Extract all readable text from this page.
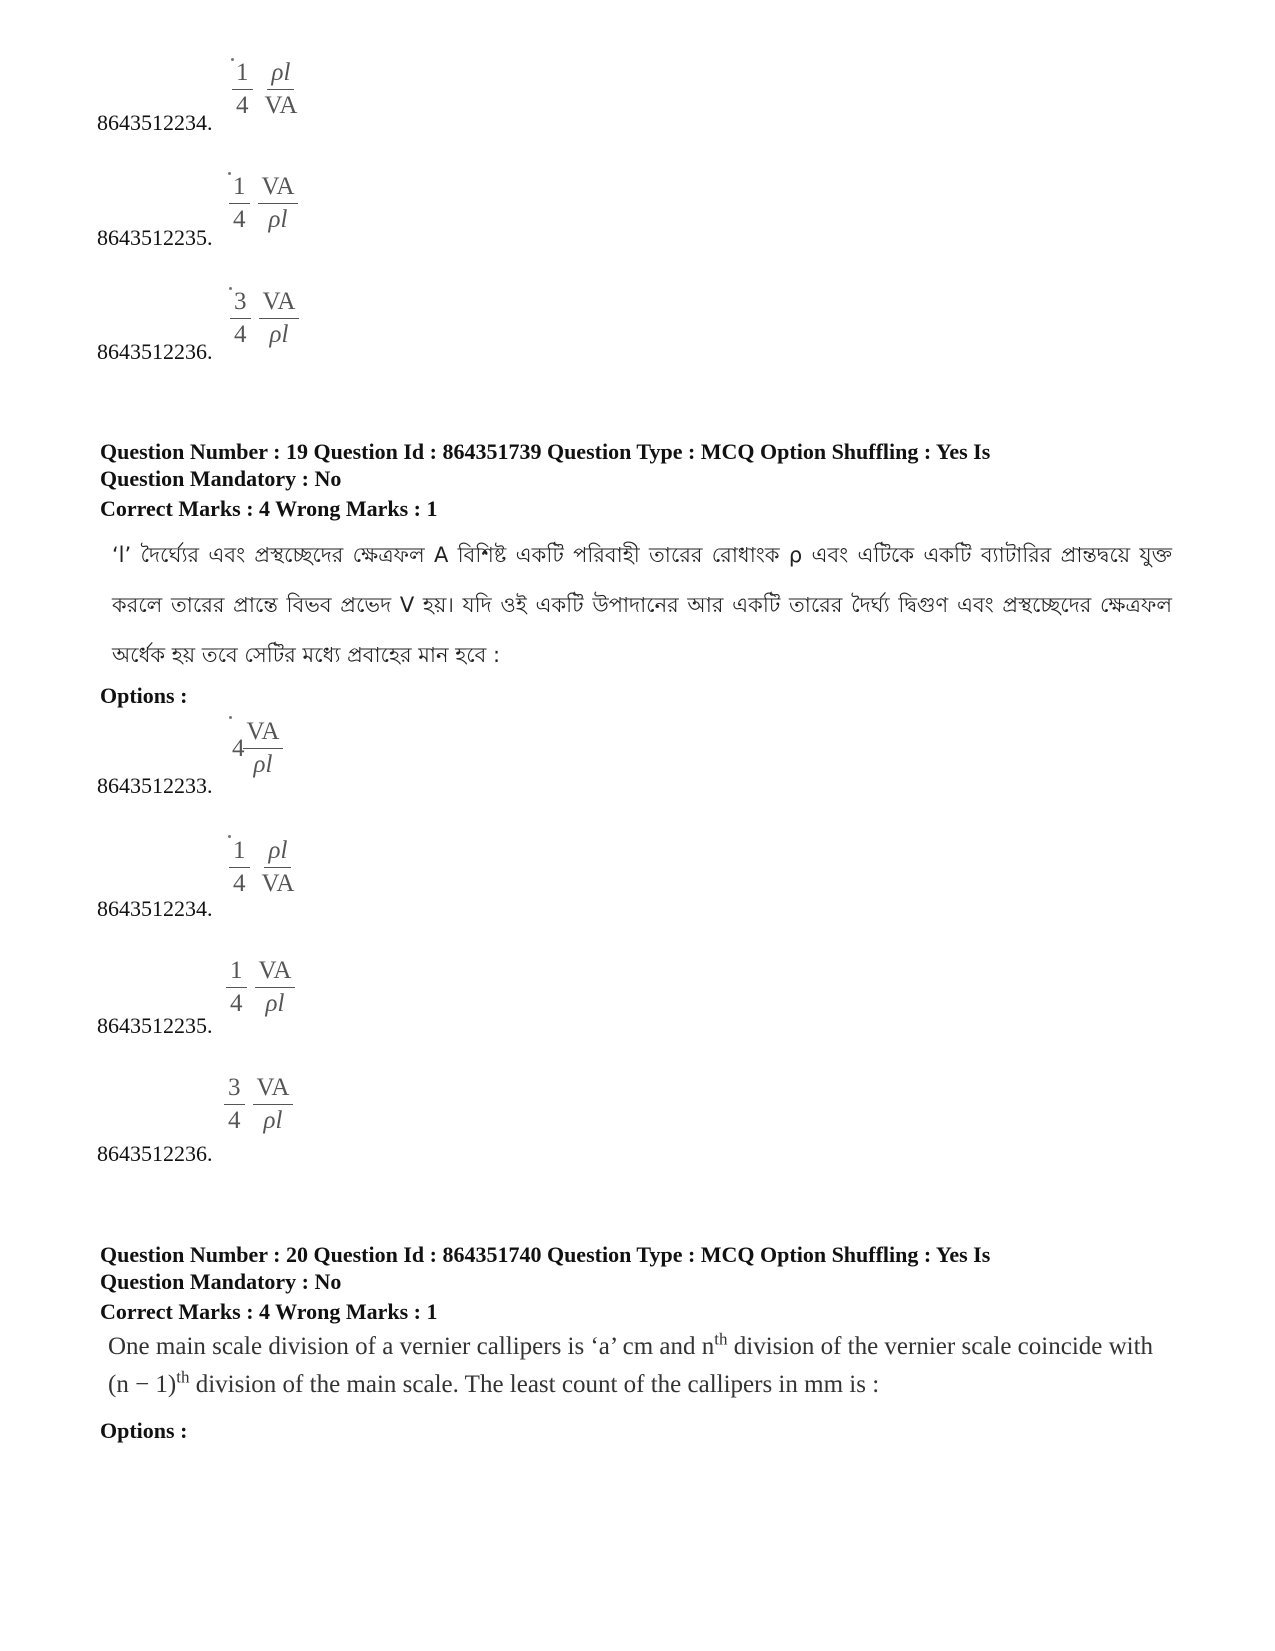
1
4
ρl
VA
8643512234.
1
4
VA
ρl
8643512235.
3
4
VA
ρl
8643512236.
Question Number : 19 Question Id : 864351739 Question Type : MCQ Option Shuffling : Yes Is
Question Mandatory : No
Correct Marks : 4 Wrong Marks : 1
‘l’ দৈর্ঘ্যের এবং প্রস্থচ্ছেদের ক্ষেত্রফল A বিশিষ্ট একটি পরিবাহী তারের রোধাংক ρ এবং এটিকে একটি ব্যাটারির প্রান্তদ্বয়ে যুক্ত করলে তারের প্রান্তে বিভব প্রভেদ V হয়। যদি ওই একটি উপাদানের আর একটি তারের দৈর্ঘ্য দ্বিগুণ এবং প্রস্থচ্ছেদের ক্ষেত্রফল অর্ধেক হয় তবে সেটির মধ্যে প্রবাহের মান হবে :
Options :
4
VA
ρl
8643512233.
1
4
ρl
VA
8643512234.
1
4
VA
ρl
8643512235.
3
4
VA
ρl
8643512236.
Question Number : 20 Question Id : 864351740 Question Type : MCQ Option Shuffling : Yes Is
Question Mandatory : No
Correct Marks : 4 Wrong Marks : 1
One main scale division of a vernier callipers is ‘a’ cm and $n^{th}$ division of the vernier scale coincide with $(n - 1)^{th}$ division of the main scale. The least count of the callipers in mm is :
Options :
